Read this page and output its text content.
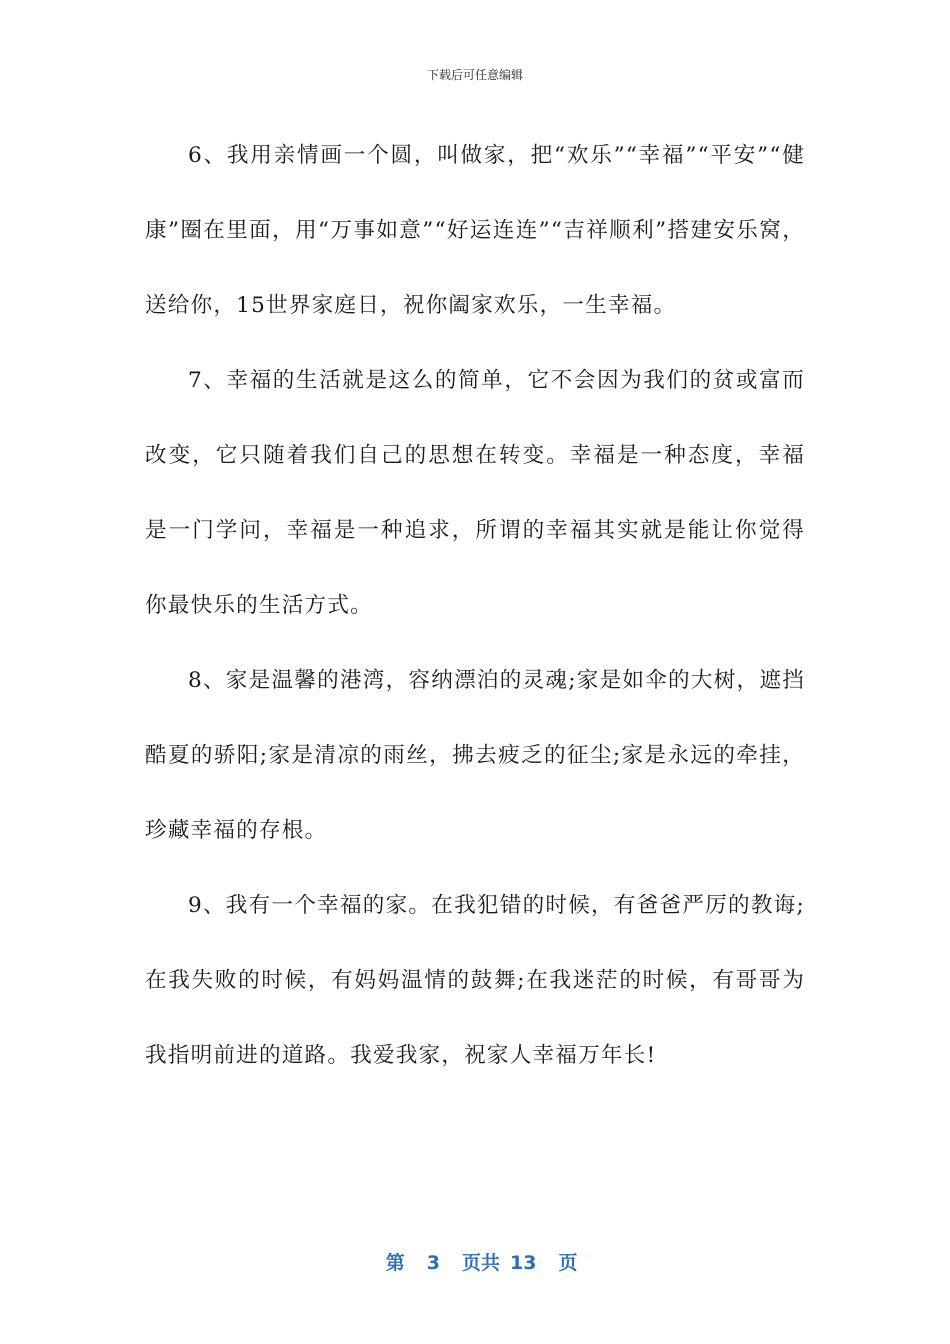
下载后可任意编辑

6、我用亲情画一个圆，叫做家，把“欢乐”“幸福”“平安”“健康”圈在里面，用“万事如意”“好运连连”“吉祥顺利”搭建安乐窝，送给你，15世界家庭日，祝你阖家欢乐，一生幸福。

7、幸福的生活就是这么的简单，它不会因为我们的贫或富而改变，它只随着我们自己的思想在转变。幸福是一种态度，幸福是一门学问，幸福是一种追求，所谓的幸福其实就是能让你觉得你最快乐的生活方式。

8、家是温馨的港湾，容纳漂泊的灵魂;家是如伞的大树，遮挡酷夏的骄阳;家是清凉的雨丝，拂去疲乏的征尘;家是永远的牵挂，珍藏幸福的存根。

9、我有一个幸福的家。在我犯错的时候，有爸爸严厉的教诲;在我失败的时候，有妈妈温情的鼓舞;在我迷茫的时候，有哥哥为我指明前进的道路。我爱我家，祝家人幸福万年长!

第 3 页共 13 页
